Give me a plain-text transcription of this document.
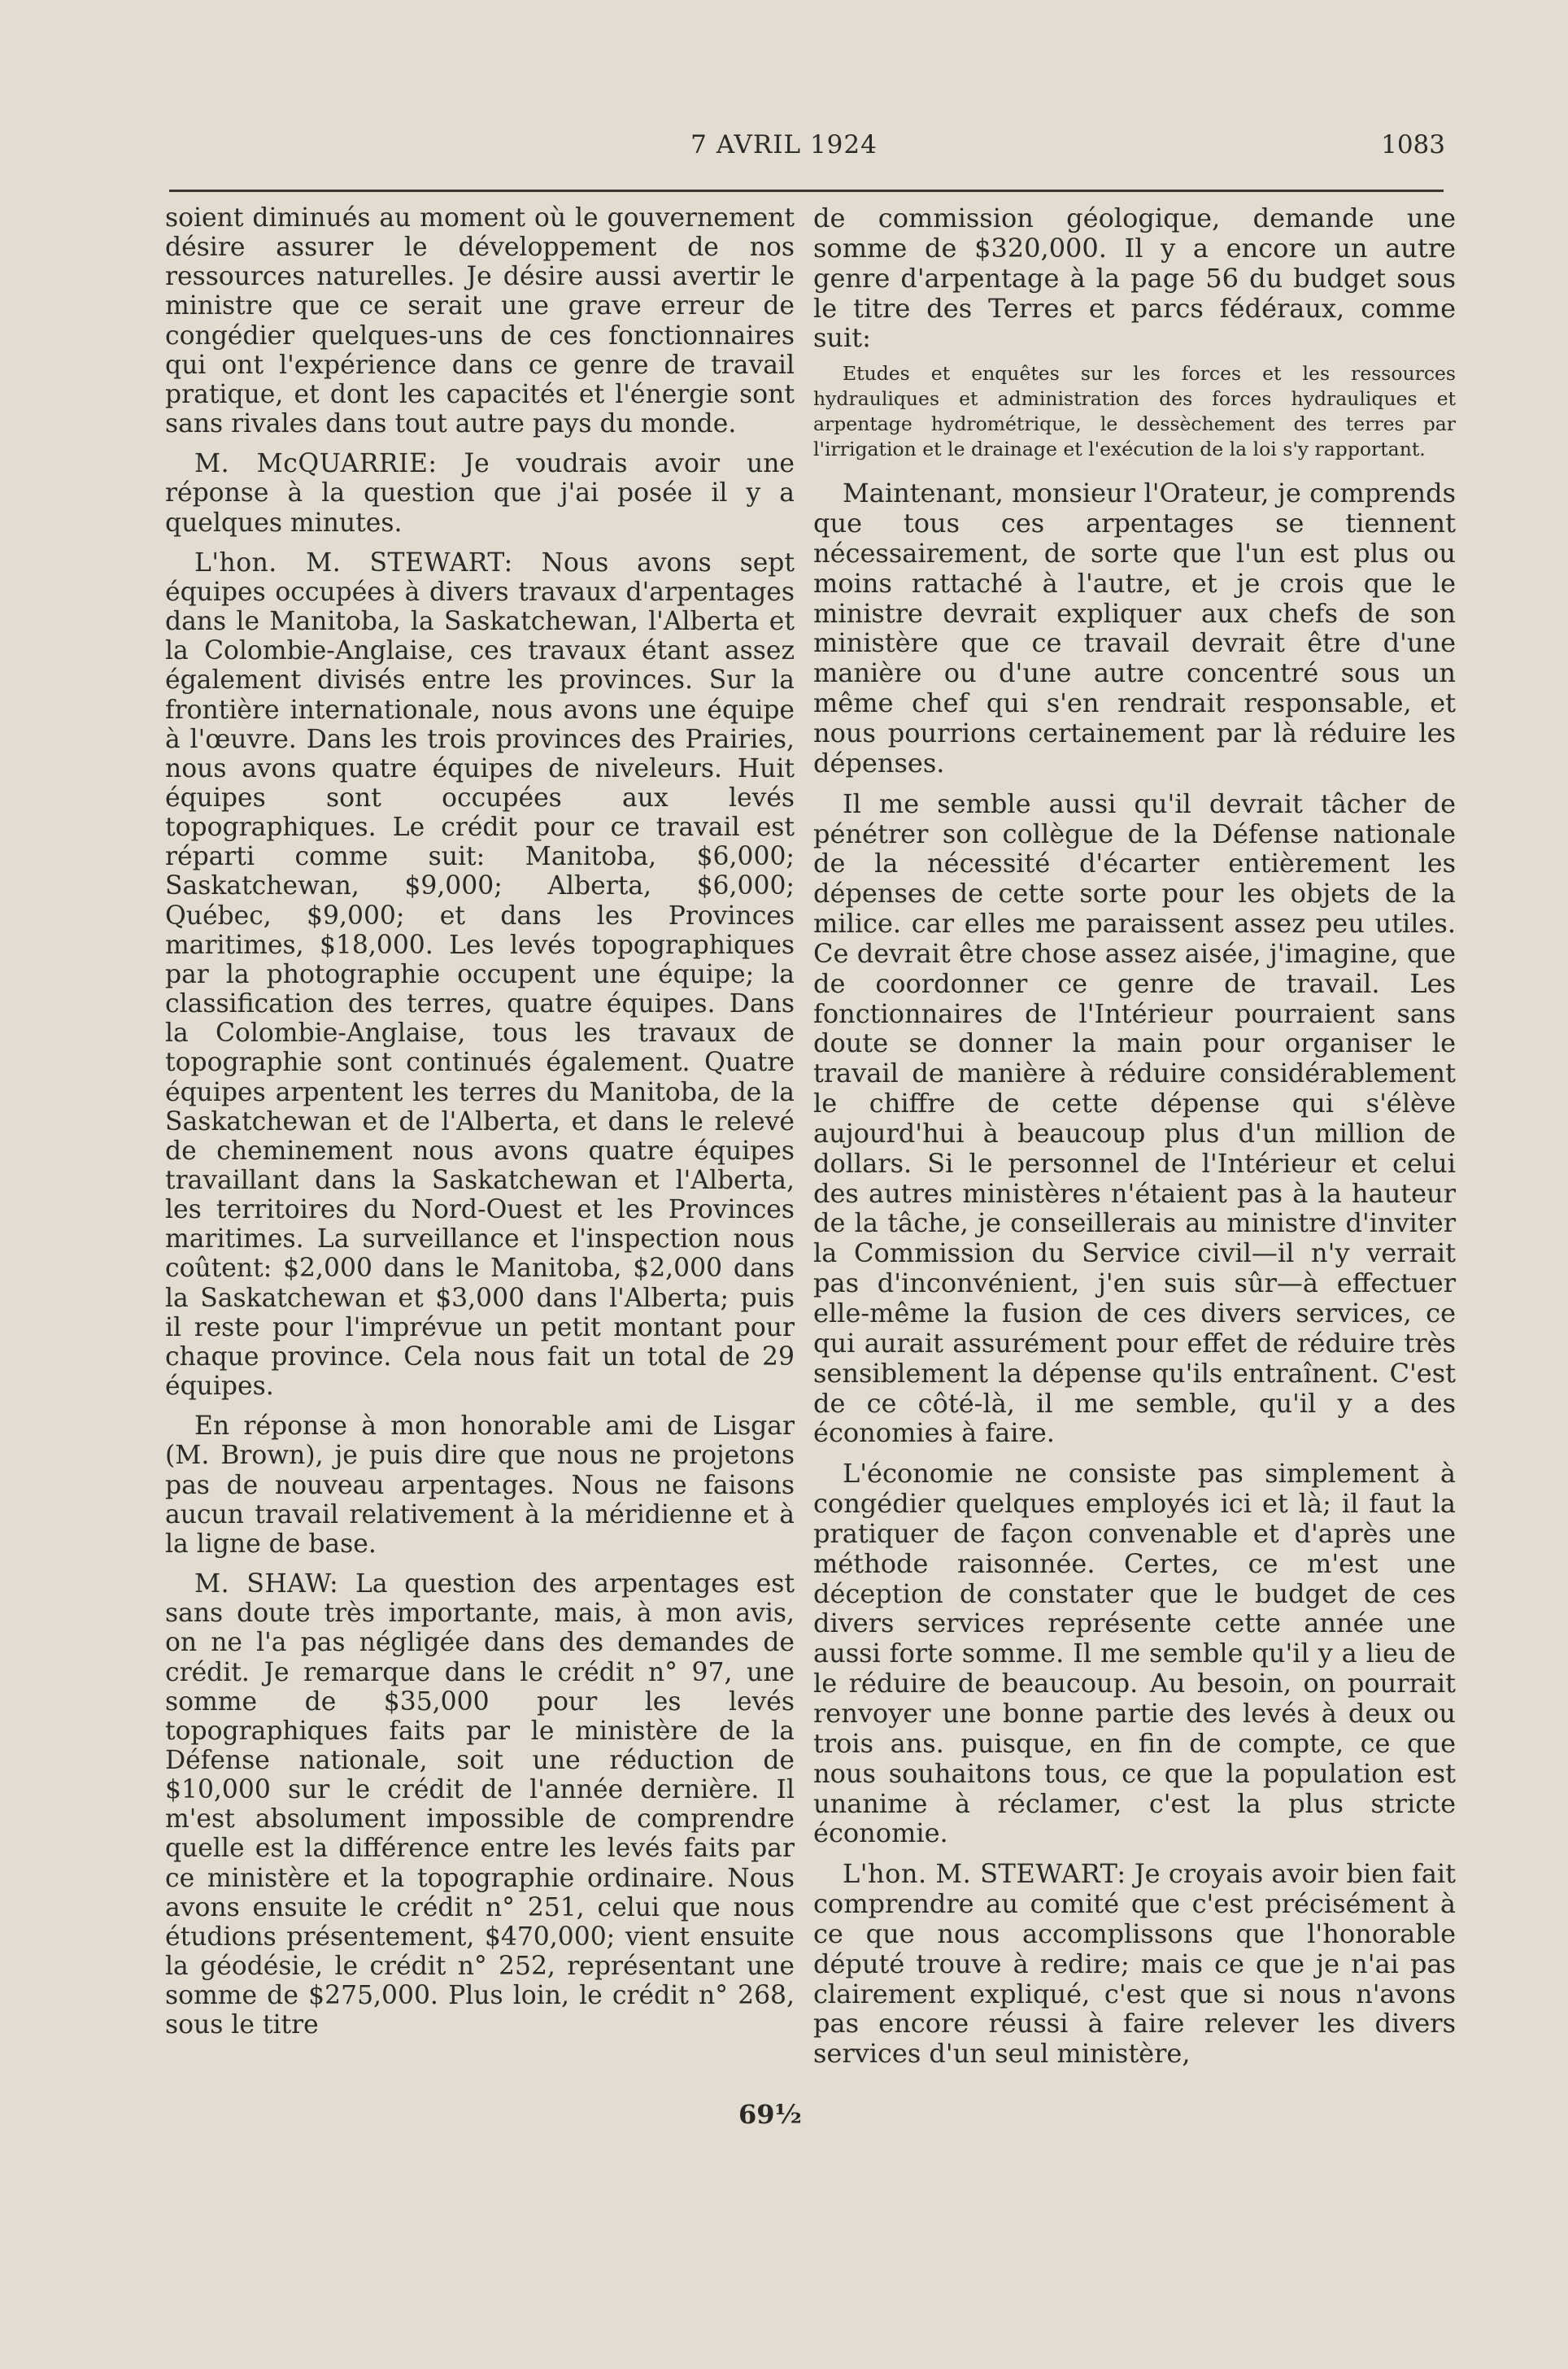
7 AVRIL 1924	1083

soient diminués au moment où le gouvernement désire assurer le développement de nos ressources naturelles. Je désire aussi avertir le ministre que ce serait une grave erreur de congédier quelques-uns de ces fonctionnaires qui ont l'expérience dans ce genre de travail pratique, et dont les capacités et l'énergie sont sans rivales dans tout autre pays du monde.

M. McQUARRIE: Je voudrais avoir une réponse à la question que j'ai posée il y a quelques minutes.

L'hon. M. STEWART: Nous avons sept équipes occupées à divers travaux d'arpentages dans le Manitoba, la Saskatchewan, l'Alberta et la Colombie-Anglaise, ces travaux étant assez également divisés entre les provinces. Sur la frontière internationale, nous avons une équipe à l'œuvre. Dans les trois provinces des Prairies, nous avons quatre équipes de niveleurs. Huit équipes sont occupées aux levés topographiques. Le crédit pour ce travail est réparti comme suit: Manitoba, $6,000; Saskatchewan, $9,000; Alberta, $6,000; Québec, $9,000; et dans les Provinces maritimes, $18,000. Les levés topographiques par la photographie occupent une équipe; la classification des terres, quatre équipes. Dans la Colombie-Anglaise, tous les travaux de topographie sont continués également. Quatre équipes arpentent les terres du Manitoba, de la Saskatchewan et de l'Alberta, et dans le relevé de cheminement nous avons quatre équipes travaillant dans la Saskatchewan et l'Alberta, les territoires du Nord-Ouest et les Provinces maritimes. La surveillance et l'inspection nous coûtent: $2,000 dans le Manitoba, $2,000 dans la Saskatchewan et $3,000 dans l'Alberta; puis il reste pour l'imprévue un petit montant pour chaque province. Cela nous fait un total de 29 équipes.

En réponse à mon honorable ami de Lisgar (M. Brown), je puis dire que nous ne projetons pas de nouveau arpentages. Nous ne faisons aucun travail relativement à la méridienne et à la ligne de base.

M. SHAW: La question des arpentages est sans doute très importante, mais, à mon avis, on ne l'a pas négligée dans des demandes de crédit. Je remarque dans le crédit n° 97, une somme de $35,000 pour les levés topographiques faits par le ministère de la Défense nationale, soit une réduction de $10,000 sur le crédit de l'année dernière. Il m'est absolument impossible de comprendre quelle est la différence entre les levés faits par ce ministère et la topographie ordinaire. Nous avons ensuite le crédit n° 251, celui que nous étudions présentement, $470,000; vient ensuite la géodésie, le crédit n° 252, représentant une somme de $275,000. Plus loin, le crédit n° 268, sous le titre

de commission géologique, demande une somme de $320,000. Il y a encore un autre genre d'arpentage à la page 56 du budget sous le titre des Terres et parcs fédéraux, comme suit:

Etudes et enquêtes sur les forces et les ressources hydrauliques et administration des forces hydrauliques et arpentage hydrométrique, le dessèchement des terres par l'irrigation et le drainage et l'exécution de la loi s'y rapportant.

Maintenant, monsieur l'Orateur, je comprends que tous ces arpentages se tiennent nécessairement, de sorte que l'un est plus ou moins rattaché à l'autre, et je crois que le ministre devrait expliquer aux chefs de son ministère que ce travail devrait être d'une manière ou d'une autre concentré sous un même chef qui s'en rendrait responsable, et nous pourrions certainement par là réduire les dépenses.

Il me semble aussi qu'il devrait tâcher de pénétrer son collègue de la Défense nationale de la nécessité d'écarter entièrement les dépenses de cette sorte pour les objets de la milice. car elles me paraissent assez peu utiles. Ce devrait être chose assez aisée, j'imagine, que de coordonner ce genre de travail. Les fonctionnaires de l'Intérieur pourraient sans doute se donner la main pour organiser le travail de manière à réduire considérablement le chiffre de cette dépense qui s'élève aujourd'hui à beaucoup plus d'un million de dollars. Si le personnel de l'Intérieur et celui des autres ministères n'étaient pas à la hauteur de la tâche, je conseillerais au ministre d'inviter la Commission du Service civil—il n'y verrait pas d'inconvénient, j'en suis sûr—à effectuer elle-même la fusion de ces divers services, ce qui aurait assurément pour effet de réduire très sensiblement la dépense qu'ils entraînent. C'est de ce côté-là, il me semble, qu'il y a des économies à faire.

L'économie ne consiste pas simplement à congédier quelques employés ici et là; il faut la pratiquer de façon convenable et d'après une méthode raisonnée. Certes, ce m'est une déception de constater que le budget de ces divers services représente cette année une aussi forte somme. Il me semble qu'il y a lieu de le réduire de beaucoup. Au besoin, on pourrait renvoyer une bonne partie des levés à deux ou trois ans. puisque, en fin de compte, ce que nous souhaitons tous, ce que la population est unanime à réclamer, c'est la plus stricte économie.

L'hon. M. STEWART: Je croyais avoir bien fait comprendre au comité que c'est précisément à ce que nous accomplissons que l'honorable député trouve à redire; mais ce que je n'ai pas clairement expliqué, c'est que si nous n'avons pas encore réussi à faire relever les divers services d'un seul ministère,

69½
